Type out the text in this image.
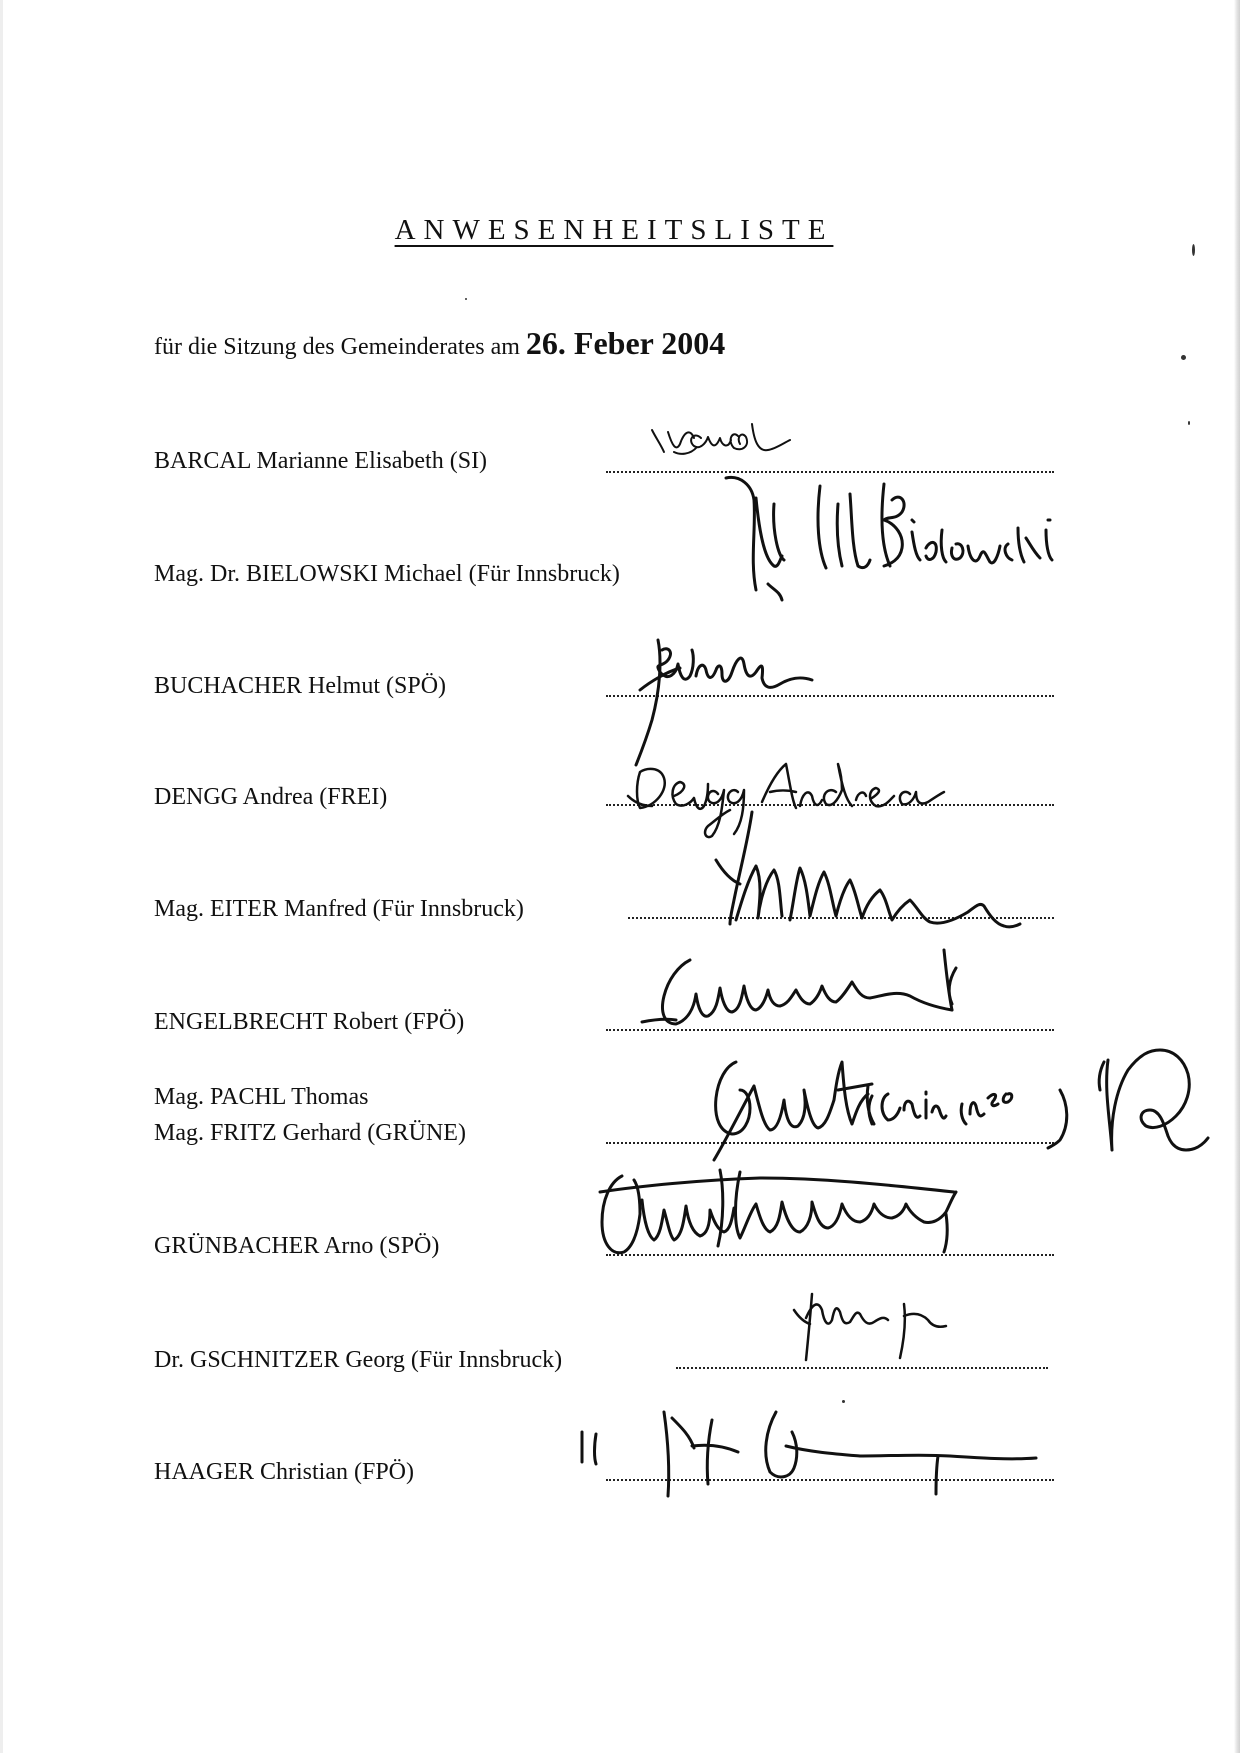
ANWESENHEITSLISTE
für die Sitzung des Gemeinderates am 26. Feber 2004
BARCAL Marianne Elisabeth (SI)
Mag. Dr. BIELOWSKI Michael (Für Innsbruck)
BUCHACHER Helmut (SPÖ)
DENGG Andrea (FREI)
Mag. EITER Manfred (Für Innsbruck)
ENGELBRECHT Robert (FPÖ)
Mag. PACHL Thomas
Mag. FRITZ Gerhard (GRÜNE)
GRÜNBACHER Arno (SPÖ)
Dr. GSCHNITZER Georg (Für Innsbruck)
HAAGER Christian (FPÖ)
